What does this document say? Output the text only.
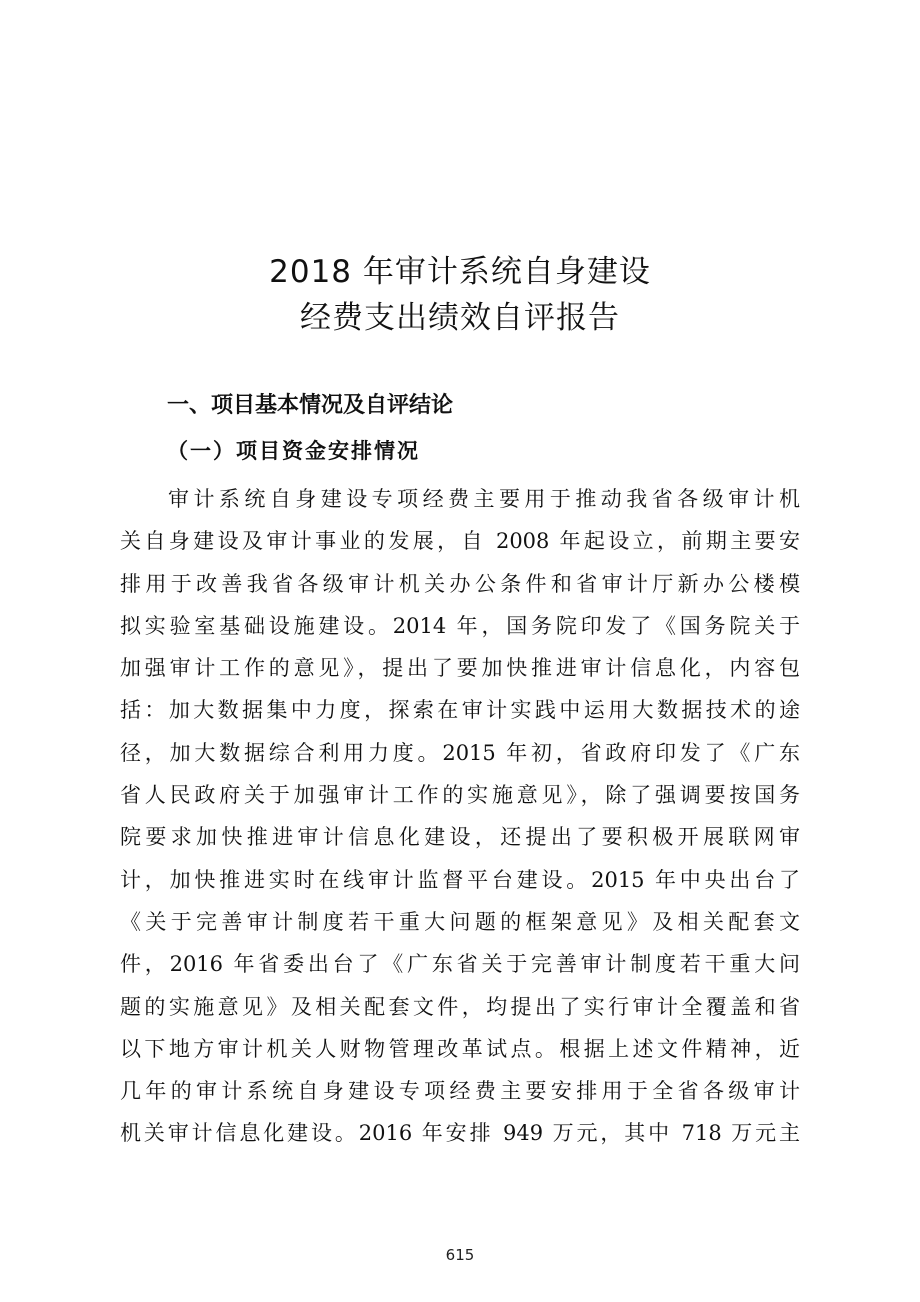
2018 年审计系统自身建设
经费支出绩效自评报告
一、项目基本情况及自评结论
（一）项目资金安排情况
审计系统自身建设专项经费主要用于推动我省各级审计机
关自身建设及审计事业的发展，自 2008 年起设立，前期主要安
排用于改善我省各级审计机关办公条件和省审计厅新办公楼模
拟实验室基础设施建设。2014 年，国务院印发了《国务院关于
加强审计工作的意见》，提出了要加快推进审计信息化，内容包
括：加大数据集中力度，探索在审计实践中运用大数据技术的途
径，加大数据综合利用力度。2015 年初，省政府印发了《广东
省人民政府关于加强审计工作的实施意见》，除了强调要按国务
院要求加快推进审计信息化建设，还提出了要积极开展联网审
计，加快推进实时在线审计监督平台建设。2015 年中央出台了
《关于完善审计制度若干重大问题的框架意见》及相关配套文
件，2016 年省委出台了《广东省关于完善审计制度若干重大问
题的实施意见》及相关配套文件，均提出了实行审计全覆盖和省
以下地方审计机关人财物管理改革试点。根据上述文件精神，近
几年的审计系统自身建设专项经费主要安排用于全省各级审计
机关审计信息化建设。2016 年安排 949 万元，其中 718 万元主
615
